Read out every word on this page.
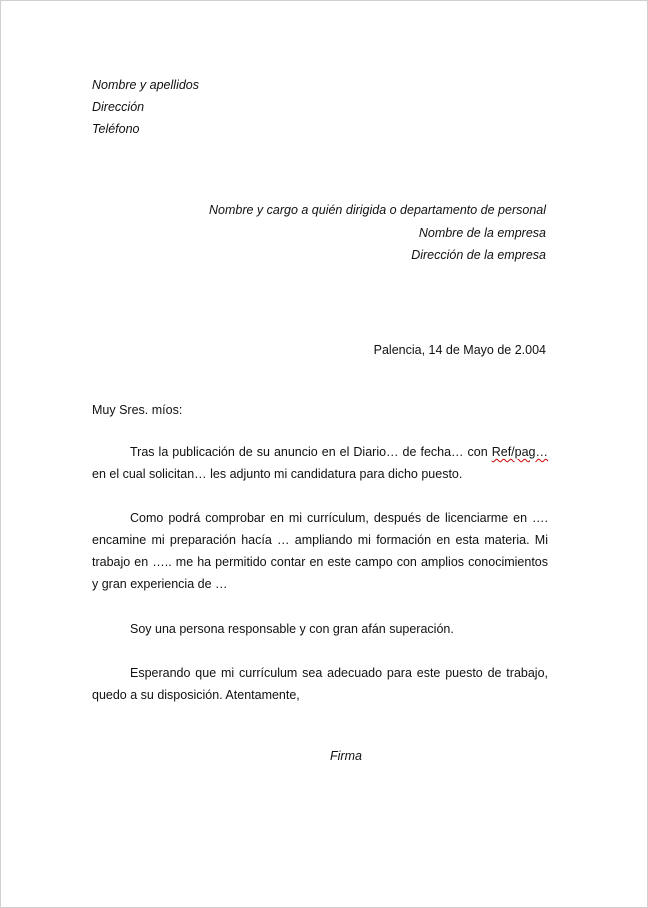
Nombre y apellidos
Dirección
Teléfono
Nombre y cargo a quién dirigida o departamento de personal
Nombre de la empresa
Dirección de la empresa
Palencia, 14 de Mayo de 2.004
Muy Sres. míos:

Tras la publicación de su anuncio en el Diario… de fecha… con Ref/pag… en el cual solicitan… les adjunto mi candidatura para dicho puesto.

Como podrá comprobar en mi currículum, después de licenciarme en …. encamine mi preparación hacía … ampliando mi formación en esta materia. Mi trabajo en ….. me ha permitido contar en este campo con amplios conocimientos y gran experiencia de …

Soy una persona responsable y con gran afán superación.

Esperando que mi currículum sea adecuado para este puesto de trabajo, quedo a su disposición. Atentamente,

Firma
